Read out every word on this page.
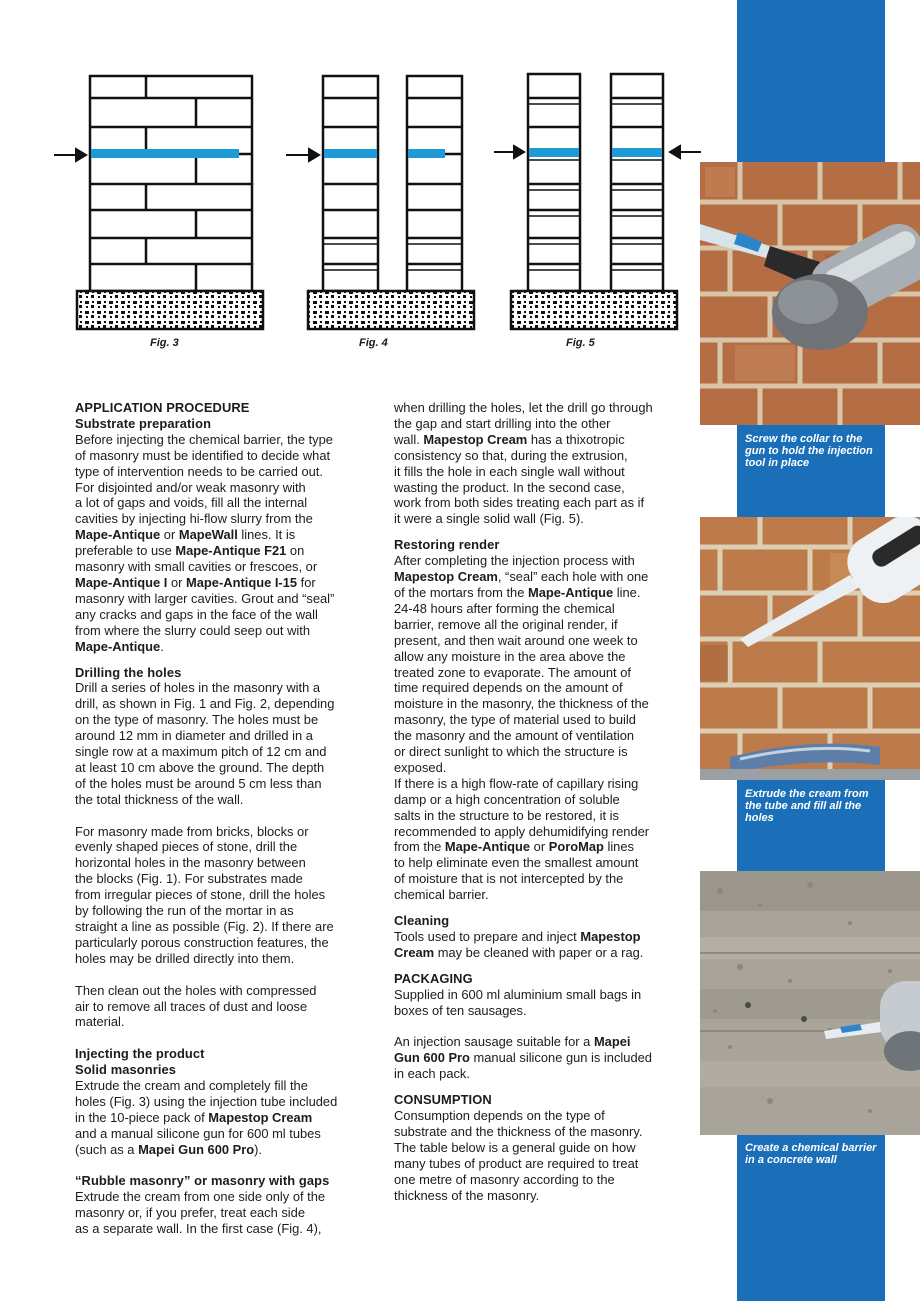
Screw the collar to the gun to hold the injection tool in place
Extrude the cream from the tube and fill all the holes
Create a chemical barrier in a concrete wall
Fig. 3	Fig. 4	Fig. 5
APPLICATION PROCEDURE
Substrate preparation

Before injecting the chemical barrier, the type

of masonry must be identified to decide what

type of intervention needs to be carried out.

For disjointed and/or weak masonry with

a lot of gaps and voids, fill all the internal

cavities by injecting hi-flow slurry from the

Mape-Antique or MapeWall lines. It is

preferable to use Mape-Antique F21 on

masonry with small cavities or frescoes, or

Mape-Antique I or Mape-Antique I-15 for

masonry with larger cavities. Grout and “seal”

any cracks and gaps in the face of the wall

from where the slurry could seep out with

Mape-Antique.

Drilling the holes

Drill a series of holes in the masonry with a

drill, as shown in Fig. 1 and Fig. 2, depending

on the type of masonry. The holes must be

around 12 mm in diameter and drilled in a

single row at a maximum pitch of 12 cm and

at least 10 cm above the ground. The depth

of the holes must be around 5 cm less than

the total thickness of the wall.

For masonry made from bricks, blocks or

evenly shaped pieces of stone, drill the

horizontal holes in the masonry between

the blocks (Fig. 1). For substrates made

from irregular pieces of stone, drill the holes

by following the run of the mortar in as

straight a line as possible (Fig. 2). If there are

particularly porous construction features, the

holes may be drilled directly into them.

Then clean out the holes with compressed

air to remove all traces of dust and loose

material.

Injecting the product
Solid masonries

Extrude the cream and completely fill the

holes (Fig. 3) using the injection tube included

in the 10-piece pack of Mapestop Cream

and a manual silicone gun for 600 ml tubes

(such as a Mapei Gun 600 Pro).

“Rubble masonry” or masonry with gaps

Extrude the cream from one side only of the

masonry or, if you prefer, treat each side

as a separate wall. In the first case (Fig. 4),

when drilling the holes, let the drill go through

the gap and start drilling into the other

wall. Mapestop Cream has a thixotropic

consistency so that, during the extrusion,

it fills the hole in each single wall without

wasting the product. In the second case,

work from both sides treating each part as if

it were a single solid wall (Fig. 5).

Restoring render

After completing the injection process with

Mapestop Cream, “seal” each hole with one

of the mortars from the Mape-Antique line.

24-48 hours after forming the chemical

barrier, remove all the original render, if

present, and then wait around one week to

allow any moisture in the area above the

treated zone to evaporate. The amount of

time required depends on the amount of

moisture in the masonry, the thickness of the

masonry, the type of material used to build

the masonry and the amount of ventilation

or direct sunlight to which the structure is

exposed.

If there is a high flow-rate of capillary rising

damp or a high concentration of soluble

salts in the structure to be restored, it is

recommended to apply dehumidifying render

from the Mape-Antique or PoroMap lines

to help eliminate even the smallest amount

of moisture that is not intercepted by the

chemical barrier.

Cleaning

Tools used to prepare and inject Mapestop

Cream may be cleaned with paper or a rag.

PACKAGING

Supplied in 600 ml aluminium small bags in

boxes of ten sausages.

An injection sausage suitable for a Mapei

Gun 600 Pro manual silicone gun is included

in each pack.

CONSUMPTION

Consumption depends on the type of

substrate and the thickness of the masonry.

The table below is a general guide on how

many tubes of product are required to treat

one metre of masonry according to the

thickness of the masonry.
